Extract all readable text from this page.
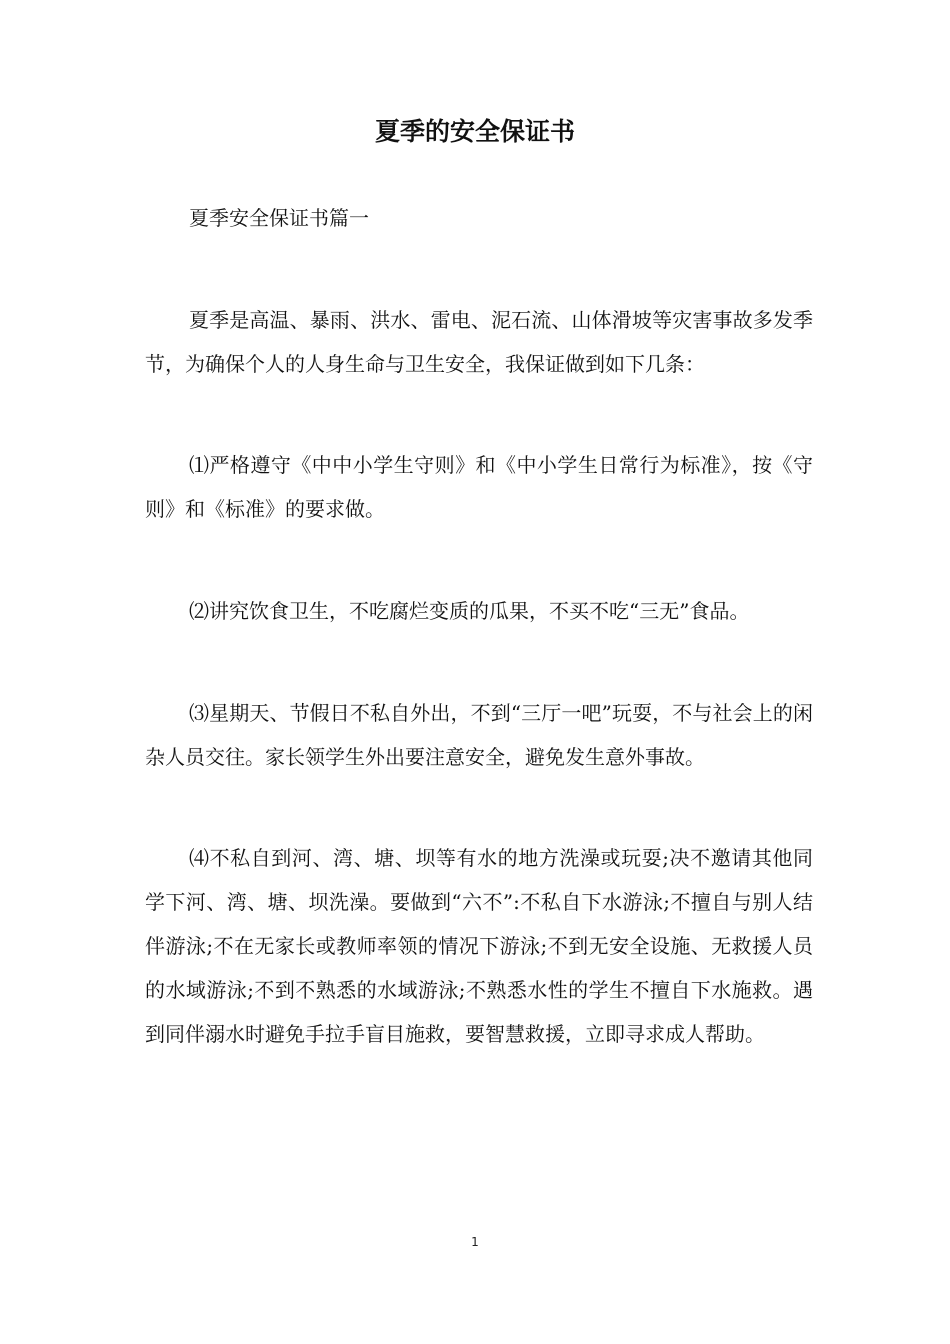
夏季的安全保证书

夏季安全保证书篇一

夏季是高温、暴雨、洪水、雷电、泥石流、山体滑坡等灾害事故多发季节，为确保个人的人身生命与卫生安全，我保证做到如下几条：

⑴严格遵守《中中小学生守则》和《中小学生日常行为标准》，按《守则》和《标准》的要求做。

⑵讲究饮食卫生，不吃腐烂变质的瓜果，不买不吃“三无”食品。

⑶星期天、节假日不私自外出，不到“三厅一吧”玩耍，不与社会上的闲杂人员交往。家长领学生外出要注意安全，避免发生意外事故。

⑷不私自到河、湾、塘、坝等有水的地方洗澡或玩耍;决不邀请其他同学下河、湾、塘、坝洗澡。要做到“六不”:不私自下水游泳;不擅自与别人结伴游泳;不在无家长或教师率领的情况下游泳;不到无安全设施、无救援人员的水域游泳;不到不熟悉的水域游泳;不熟悉水性的学生不擅自下水施救。遇到同伴溺水时避免手拉手盲目施救，要智慧救援，立即寻求成人帮助。

1
